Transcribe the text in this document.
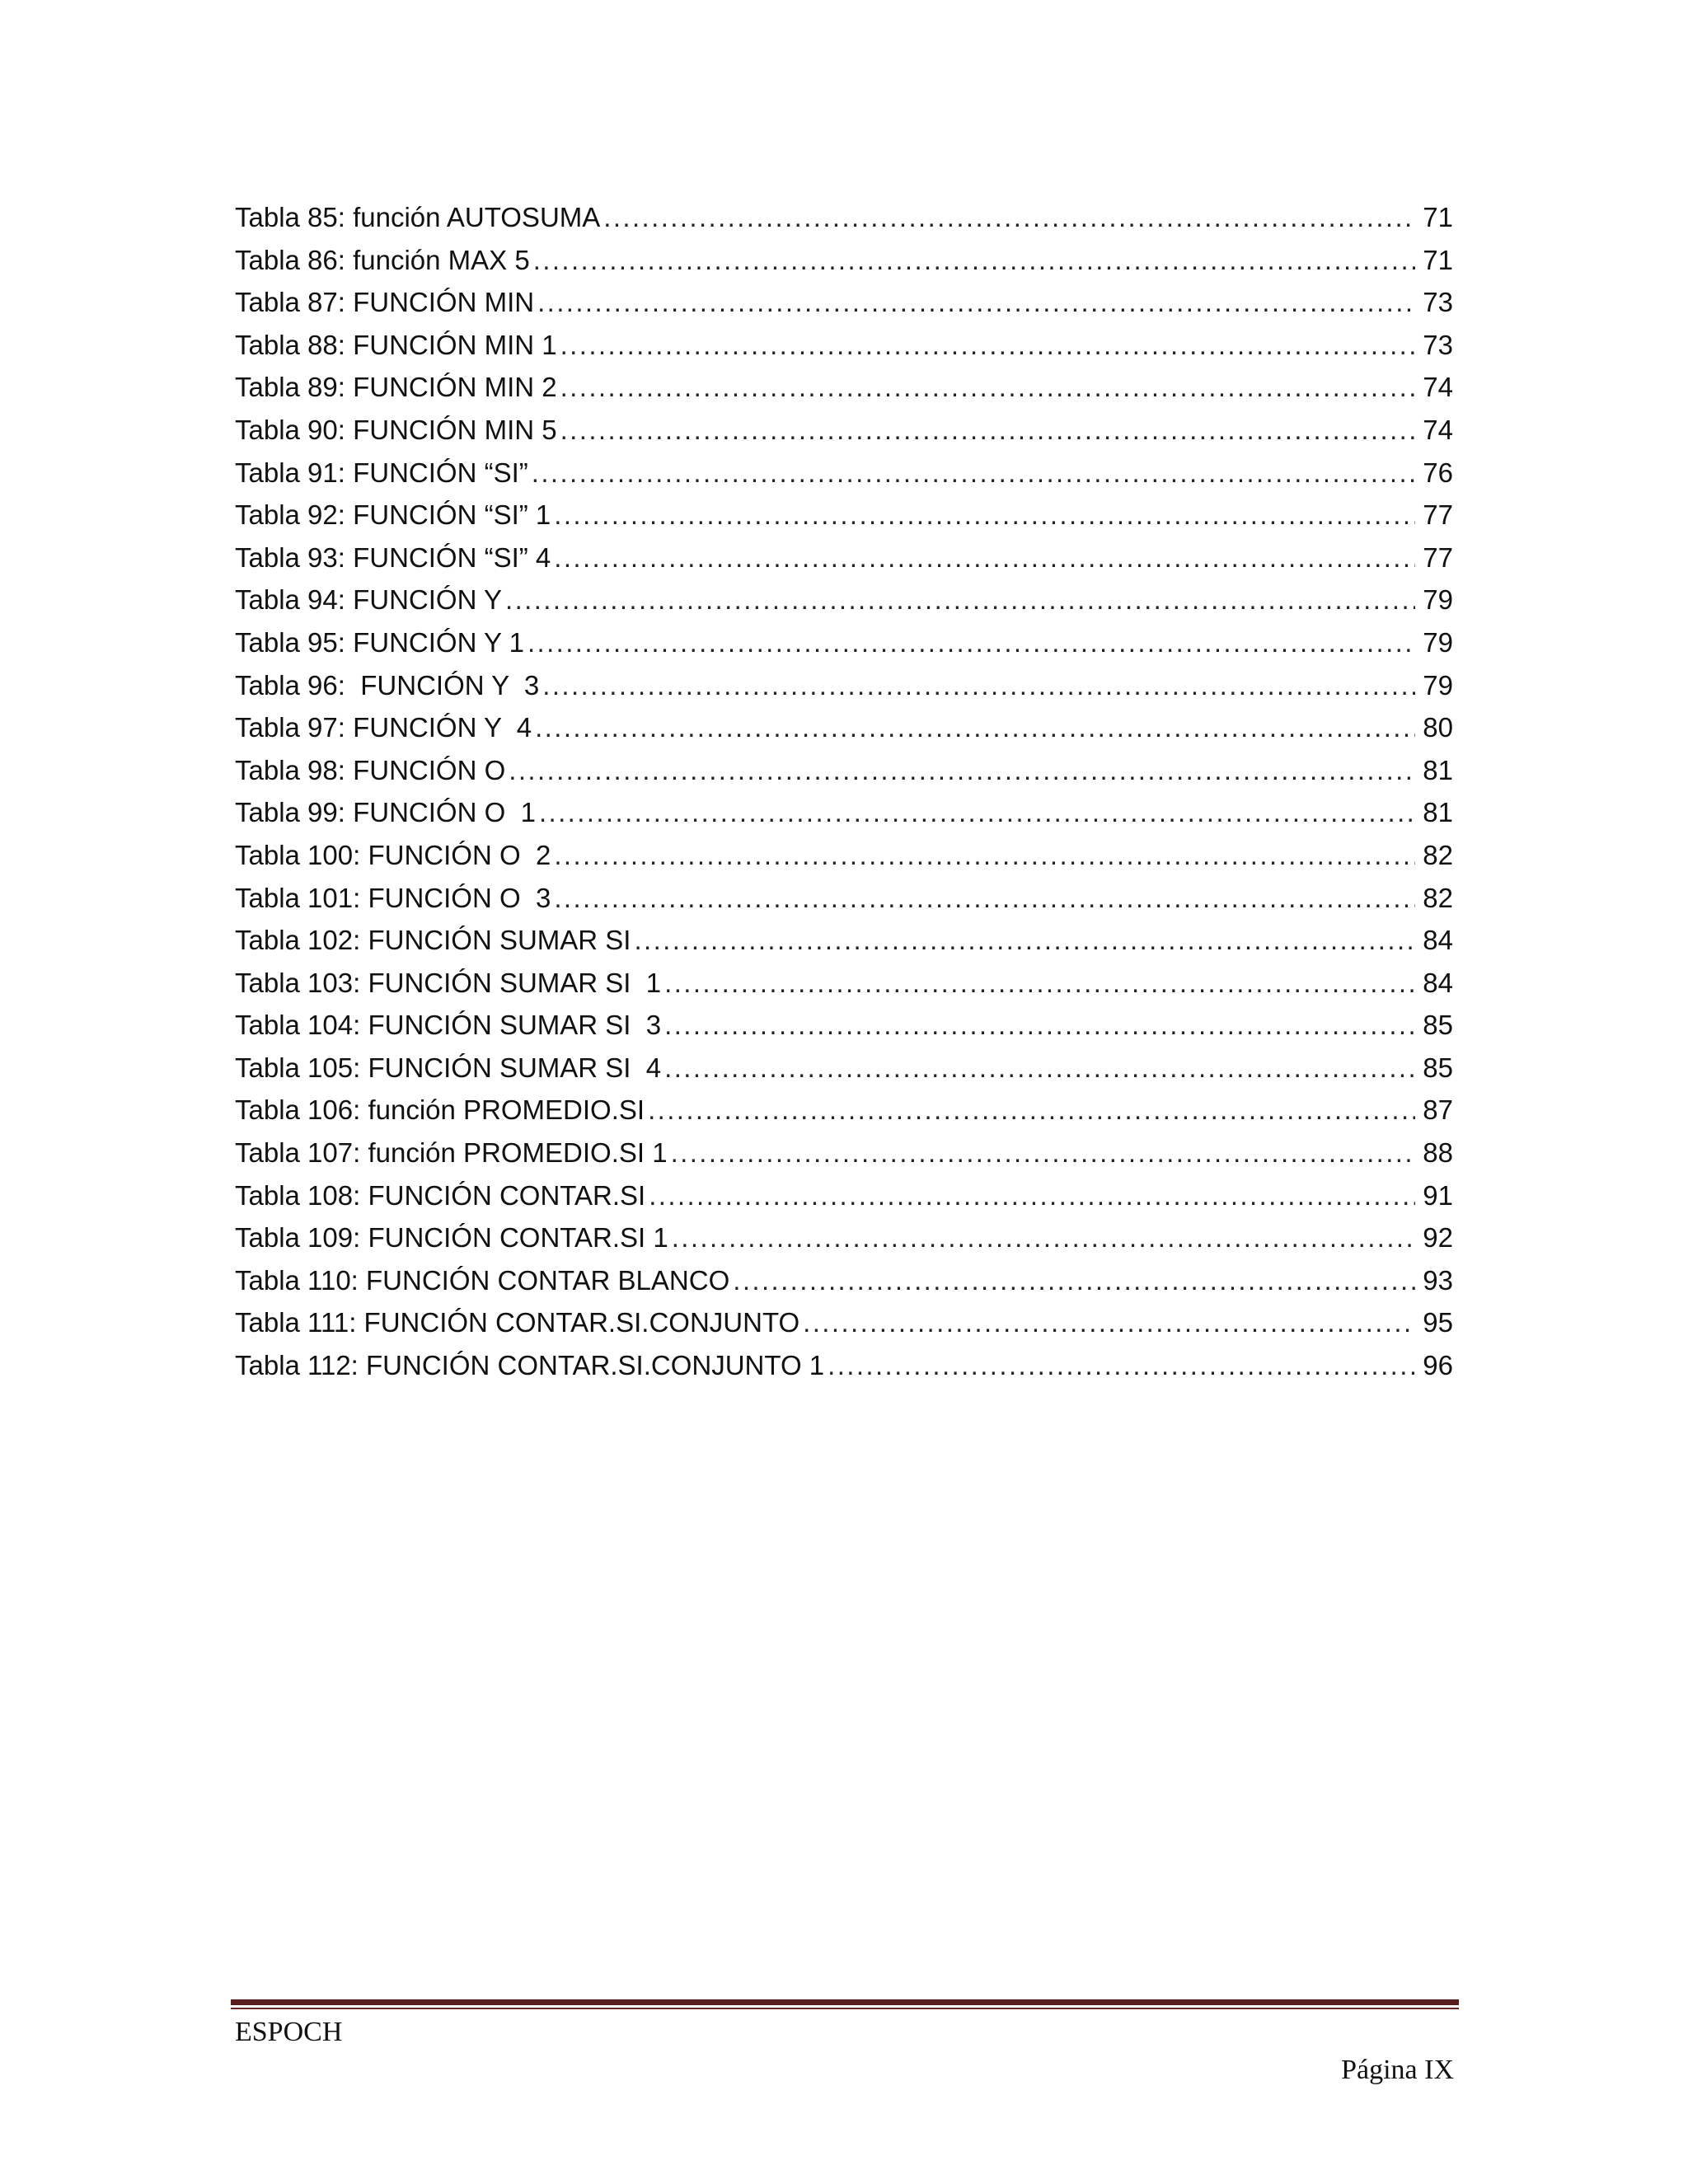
Tabla 85: función AUTOSUMA .....	71
Tabla 86: función MAX 5 .....	71
Tabla 87: FUNCIÓN MIN .....	73
Tabla 88: FUNCIÓN MIN 1 .....	73
Tabla 89: FUNCIÓN MIN 2 .....	74
Tabla 90: FUNCIÓN MIN 5 .....	74
Tabla 91: FUNCIÓN “SI” .....	76
Tabla 92: FUNCIÓN “SI” 1 .....	77
Tabla 93: FUNCIÓN “SI” 4 .....	77
Tabla 94: FUNCIÓN Y .....	79
Tabla 95: FUNCIÓN Y 1 .....	79
Tabla 96:  FUNCIÓN Y  3 .....	79
Tabla 97: FUNCIÓN Y  4 .....	80
Tabla 98: FUNCIÓN O .....	81
Tabla 99: FUNCIÓN O  1 .....	81
Tabla 100: FUNCIÓN O  2 .....	82
Tabla 101: FUNCIÓN O  3 .....	82
Tabla 102: FUNCIÓN SUMAR SI .....	84
Tabla 103: FUNCIÓN SUMAR SI  1 .....	84
Tabla 104: FUNCIÓN SUMAR SI  3 .....	85
Tabla 105: FUNCIÓN SUMAR SI  4 .....	85
Tabla 106: función PROMEDIO.SI .....	87
Tabla 107: función PROMEDIO.SI 1 .....	88
Tabla 108: FUNCIÓN CONTAR.SI .....	91
Tabla 109: FUNCIÓN CONTAR.SI 1 .....	92
Tabla 110: FUNCIÓN CONTAR BLANCO .....	93
Tabla 111: FUNCIÓN CONTAR.SI.CONJUNTO .....	95
Tabla 112: FUNCIÓN CONTAR.SI.CONJUNTO 1 .....	96
ESPOCH
Página IX
